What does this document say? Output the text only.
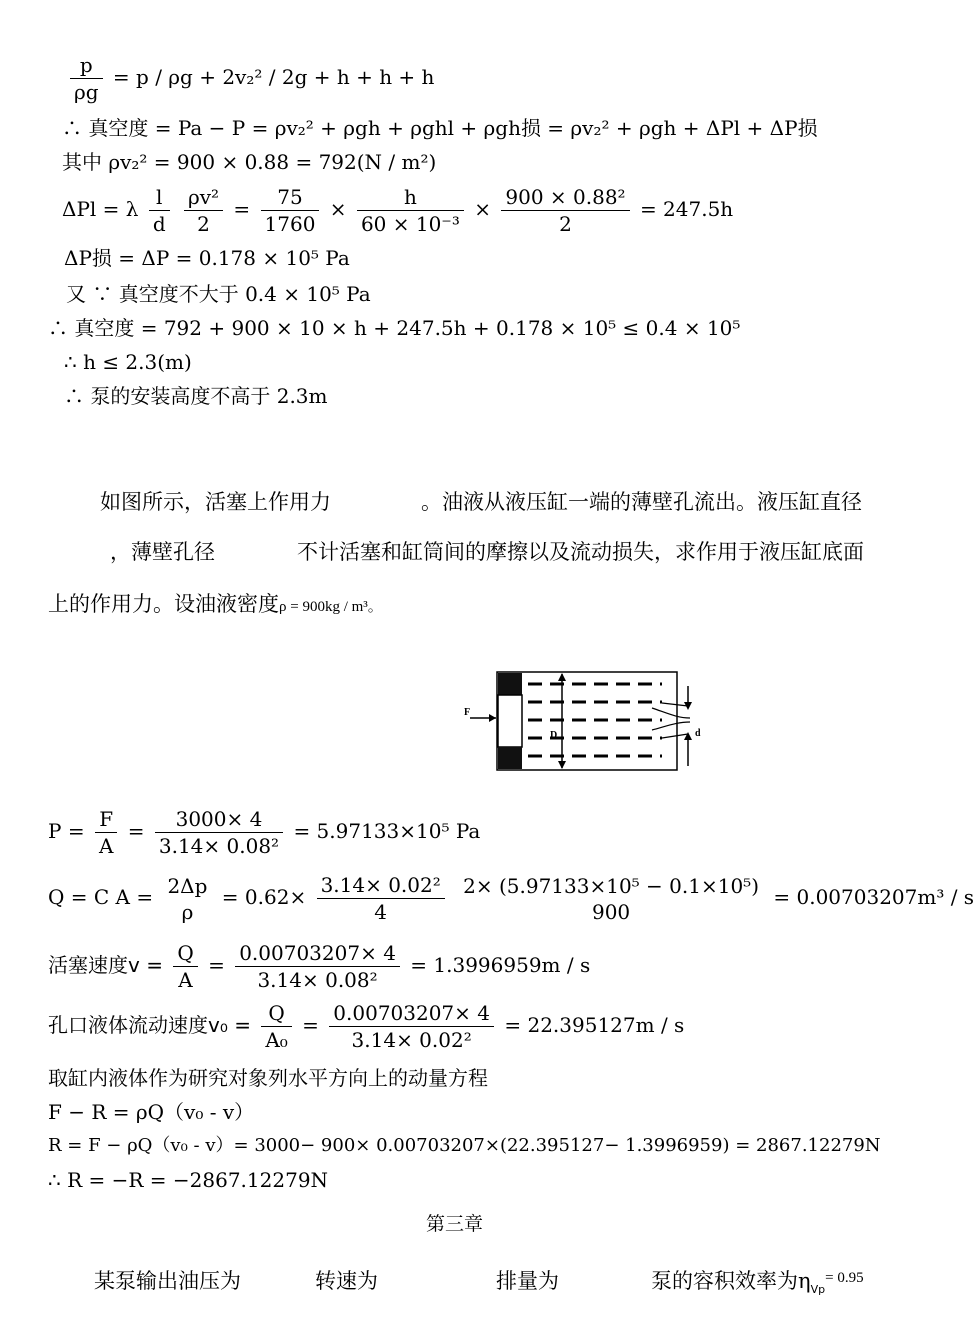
$\frac{p}{\rho g} = p / \rho g + 2v_2^2 / 2g + h + h + h$
∴ 真空度 = Pa − P = ρv₂² + ρgh + ρghl + ρgh损 = ρv₂² + ρgh + ΔPl + ΔP损
其中 ρv₂² = 900 × 0.88 = 792(N / m²)
ΔPl = λ $\frac{l}{d}$
$\frac{\text{ρv²}}{2} = \frac{75}{1760} \times \frac{h}{\text{60 × 10⁻³}} \times \frac{\text{900 × 0.88²}}{2} = 247.5h$
ΔP损 = ΔP = 0.178 × 10⁵ Pa
又 ∵ 真空度不大于 0.4 × 10⁵ Pa
∴ 真空度 = 792 + 900 × 10 × h + 247.5h + 0.178 × 10⁵ ≤ 0.4 × 10⁵
∴ h ≤ 2.3(m)
∴ 泵的安装高度不高于 2.3m
如图所示，活塞上作用力	。油液从液压缸一端的薄壁孔流出。液压缸直径
，薄壁孔径	不计活塞和缸筒间的摩擦以及流动损失，求作用于液压缸底面
上的作用力。设油液密度ρ = 900kg / m³。
F
D	d
$P = \frac{F}{A} = \frac{3000\times 4}{\text{3.14× 0.08²}} = 5.97133\times 10^5$ Pa
Q = C A = 2Δp
ρ
= $0.62\times \frac{\text{3.14× 0.02²}}{4}$
2× (5.97133×10⁵ − 0.1×10⁵)
900
= 0.00703207m³ / s
活塞速度$v = \frac{Q}{A} = \frac{0.00703207\times 4}{\text{3.14× 0.08²}} = 1.3996959m / s$
孔口液体流动速度$v_0 = \frac{Q}{\text{A₀}} = \frac{0.00703207\times 4}{\text{3.14× 0.02²}} = 22.395127m / s$
取缸内液体作为研究对象列水平方向上的动量方程
F − R = ρQ（v₀ - v）
R = F − ρQ（v₀ - v）= 3000− 900× 0.00703207×(22.395127− 1.3996959) = 2867.12279N
∴ R = −R = −2867.12279N
第三章
某泵输出油压为	转速为	排量为	泵的容积效率为$\eta_{Vp}^{= 0.95}$
